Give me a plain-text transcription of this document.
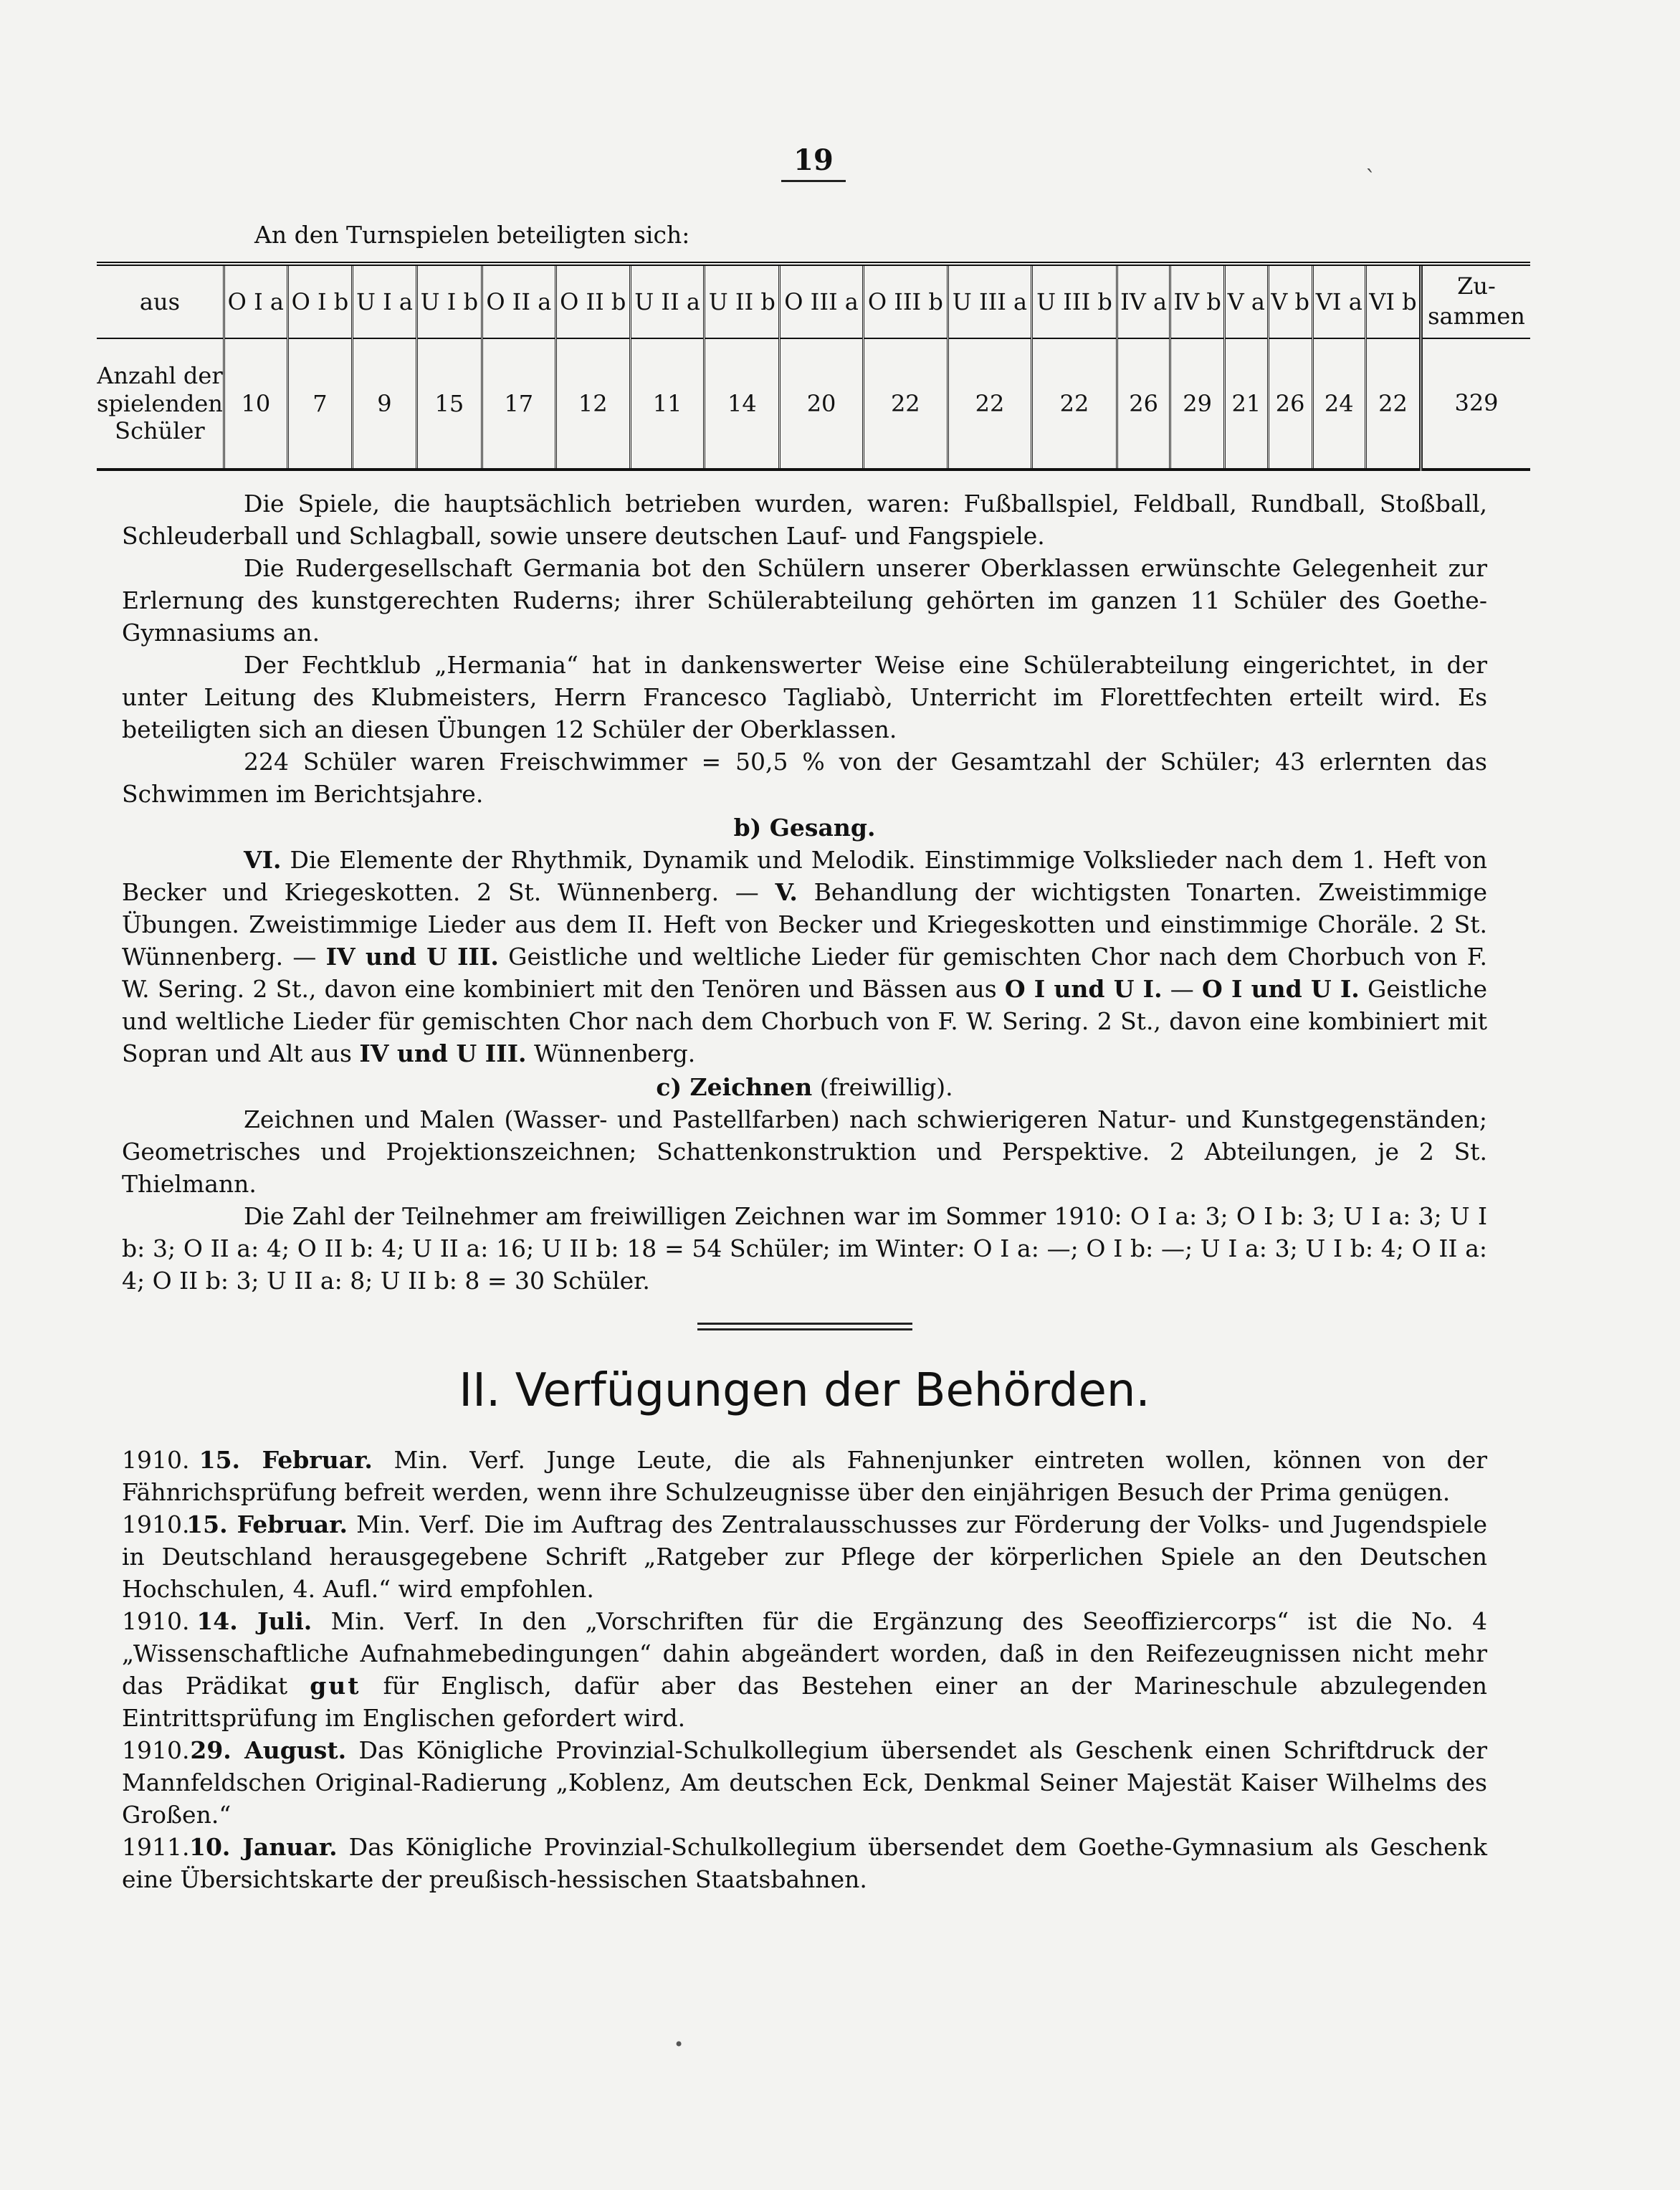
19
ˋ
An den Turnspielen beteiligten sich:
aus	O I a	O I b	U I a	U I b	O II a	O II b	U II a	U II b	O III a	O III b	U III a	U III b	IV a	IV b	V a	V b	VI a	VI b	Zu-sammen
Anzahl der spielenden Schüler	10	7	9	15	17	12	11	14	20	22	22	22	26	29	21	26	24	22	329

Die Spiele, die hauptsächlich betrieben wurden, waren: Fußballspiel, Feldball, Rundball, Stoßball, Schleuderball und Schlagball, sowie unsere deutschen Lauf- und Fangspiele.

Die Rudergesellschaft Germania bot den Schülern unserer Oberklassen erwünschte Gelegenheit zur Erlernung des kunstgerechten Ruderns; ihrer Schülerabteilung gehörten im ganzen 11 Schüler des Goethe-Gymnasiums an.

Der Fechtklub „Hermania“ hat in dankenswerter Weise eine Schülerabteilung eingerichtet, in der unter Leitung des Klubmeisters, Herrn Francesco Tagliabò, Unterricht im Florettfechten erteilt wird. Es beteiligten sich an diesen Übungen 12 Schüler der Oberklassen.

224 Schüler waren Freischwimmer = 50,5 % von der Gesamtzahl der Schüler; 43 erlernten das Schwimmen im Berichtsjahre.

b) Gesang.

VI. Die Elemente der Rhythmik, Dynamik und Melodik. Einstimmige Volkslieder nach dem 1. Heft von Becker und Kriegeskotten. 2 St. Wünnenberg. — V. Behandlung der wichtigsten Tonarten. Zweistimmige Übungen. Zweistimmige Lieder aus dem II. Heft von Becker und Kriegeskotten und einstimmige Choräle. 2 St. Wünnenberg. — IV und U III. Geistliche und weltliche Lieder für gemischten Chor nach dem Chorbuch von F. W. Sering. 2 St., davon eine kombiniert mit den Tenören und Bässen aus O I und U I. — O I und U I. Geistliche und weltliche Lieder für gemischten Chor nach dem Chorbuch von F. W. Sering. 2 St., davon eine kombiniert mit Sopran und Alt aus IV und U III. Wünnenberg.

c) Zeichnen (freiwillig).

Zeichnen und Malen (Wasser- und Pastellfarben) nach schwierigeren Natur- und Kunstgegenständen; Geometrisches und Projektionszeichnen; Schattenkonstruktion und Perspektive. 2 Abteilungen, je 2 St. Thielmann.

Die Zahl der Teilnehmer am freiwilligen Zeichnen war im Sommer 1910: O I a: 3; O I b: 3; U I a: 3; U I b: 3; O II a: 4; O II b: 4; U II a: 16; U II b: 18 = 54 Schüler; im Winter: O I a: —; O I b: —; U I a: 3; U I b: 4; O II a: 4; O II b: 3; U II a: 8; U II b: 8 = 30 Schüler.

II. Verfügungen der Behörden.

1910. 15. Februar. Min. Verf. Junge Leute, die als Fahnenjunker eintreten wollen, können von der Fähnrichsprüfung befreit werden, wenn ihre Schulzeugnisse über den einjährigen Besuch der Prima genügen.

1910. 15. Februar. Min. Verf. Die im Auftrag des Zentralausschusses zur Förderung der Volks- und Jugendspiele in Deutschland herausgegebene Schrift „Ratgeber zur Pflege der körperlichen Spiele an den Deutschen Hochschulen, 4. Aufl.“ wird empfohlen.

1910. 14. Juli. Min. Verf. In den „Vorschriften für die Ergänzung des Seeoffiziercorps“ ist die No. 4 „Wissenschaftliche Aufnahmebedingungen“ dahin abgeändert worden, daß in den Reifezeugnissen nicht mehr das Prädikat gut für Englisch, dafür aber das Bestehen einer an der Marineschule abzulegenden Eintrittsprüfung im Englischen gefordert wird.

1910. 29. August. Das Königliche Provinzial-Schulkollegium übersendet als Geschenk einen Schriftdruck der Mannfeldschen Original-Radierung „Koblenz, Am deutschen Eck, Denkmal Seiner Majestät Kaiser Wilhelms des Großen.“

1911. 10. Januar. Das Königliche Provinzial-Schulkollegium übersendet dem Goethe-Gymnasium als Geschenk eine Übersichtskarte der preußisch-hessischen Staatsbahnen.

•
